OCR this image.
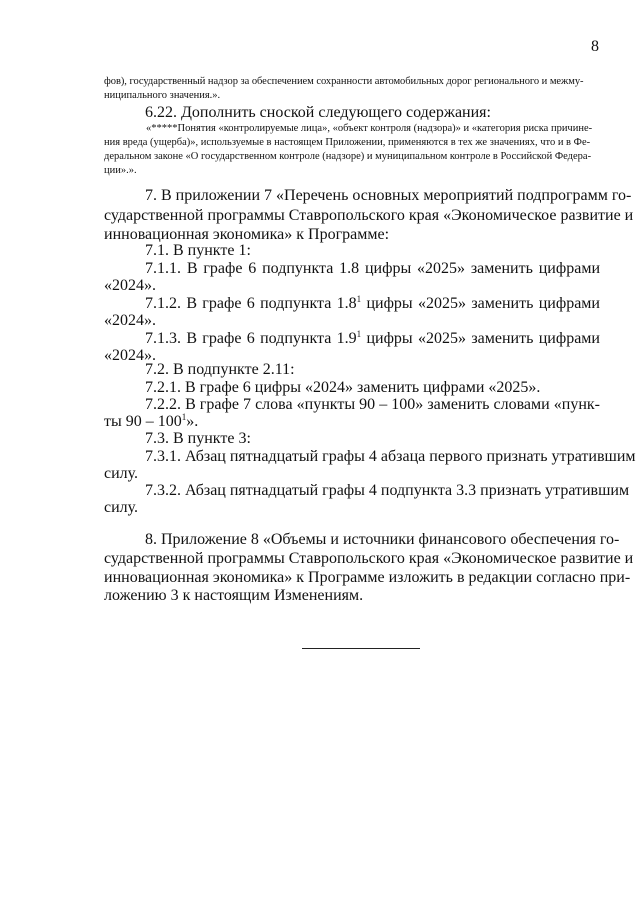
8
фов), государственный надзор за обеспечением сохранности автомобильных дорог регионального и межму-
ниципального значения.».
6.22. Дополнить сноской следующего содержания:
«*****Понятия «контролируемые лица», «объект контроля (надзора)» и «категория риска причине-
ния вреда (ущерба)», используемые в настоящем Приложении, применяются в тех же значениях, что и в Фе-
деральном законе «О государственном контроле (надзоре) и муниципальном контроле в Российской Федера-
ции».».
7. В приложении 7 «Перечень основных мероприятий подпрограмм го-
сударственной программы Ставропольского края «Экономическое развитие и
инновационная экономика» к Программе:
7.1. В пункте 1:
7.1.1. В графе 6 подпункта 1.8 цифры «2025» заменить цифрами
«2024».
7.1.2. В графе 6 подпункта $1.8^1$ цифры «2025» заменить цифрами
«2024».
7.1.3. В графе 6 подпункта $1.9^1$ цифры «2025» заменить цифрами
«2024».
7.2. В подпункте 2.11:
7.2.1. В графе 6 цифры «2024» заменить цифрами «2025».
7.2.2. В графе 7 слова «пункты 90 – 100» заменить словами «пунк-
ты $90 - 100^1$».
7.3. В пункте 3:
7.3.1. Абзац пятнадцатый графы 4 абзаца первого признать утратившим
силу.
7.3.2. Абзац пятнадцатый графы 4 подпункта 3.3 признать утратившим
силу.
8. Приложение 8 «Объемы и источники финансового обеспечения го-
сударственной программы Ставропольского края «Экономическое развитие и
инновационная экономика» к Программе изложить в редакции согласно при-
ложению 3 к настоящим Изменениям.
